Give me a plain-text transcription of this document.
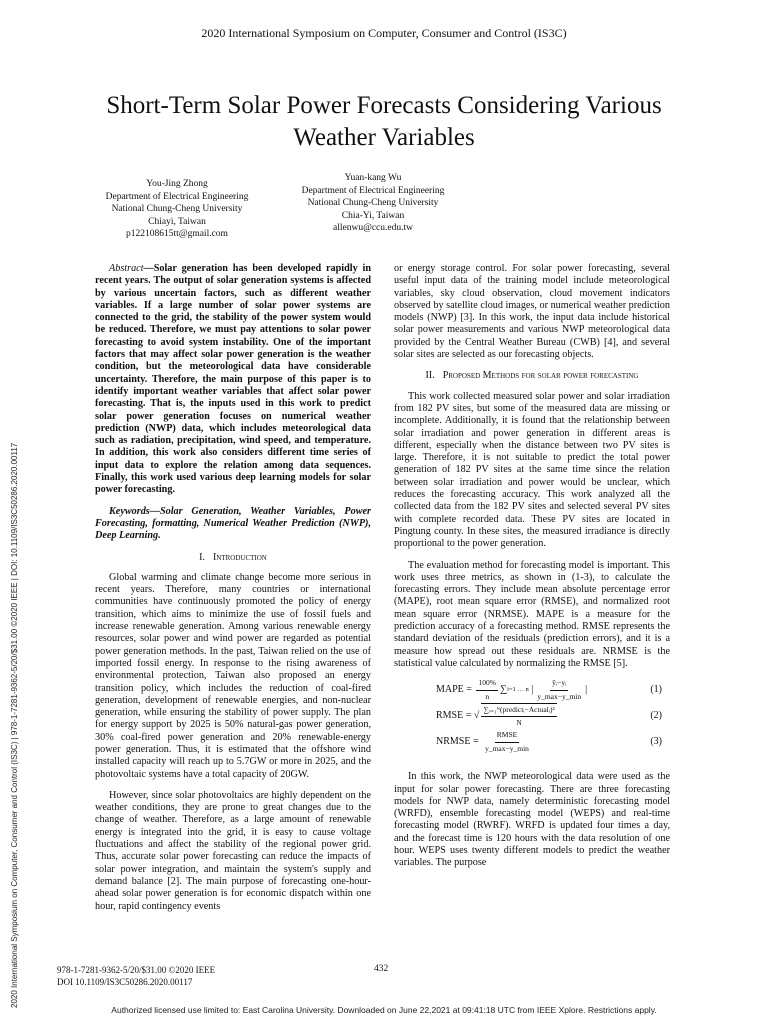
2020 International Symposium on Computer, Consumer and Control (IS3C)
Short-Term Solar Power Forecasts Considering Various Weather Variables
You-Jing Zhong
Department of Electrical Engineering
National Chung-Cheng University
Chiayi, Taiwan
p122108615tt@gmail.com
Yuan-kang Wu
Department of Electrical Engineering
National Chung-Cheng University
Chia-Yi, Taiwan
allenwu@ccu.edu.tw
2020 International Symposium on Computer, Consumer and Control (IS3C) | 978-1-7281-9362-5/20/$31.00 ©2020 IEEE | DOI: 10.1109/IS3C50286.2020.00117

Abstract—Solar generation has been developed rapidly in recent years. The output of solar generation systems is affected by various uncertain factors, such as different weather variables. If a large number of solar power systems are connected to the grid, the stability of the power system would be reduced. Therefore, we must pay attentions to solar power forecasting to avoid system instability. One of the important factors that may affect solar power generation is the weather condition, but the meteorological data have considerable uncertainty. Therefore, the main purpose of this paper is to identify important weather variables that affect solar power forecasting. That is, the inputs used in this work to predict solar power generation focuses on numerical weather prediction (NWP) data, which includes meteorological data such as radiation, precipitation, wind speed, and temperature. In addition, this work also considers different time series of input data to explore the relation among data sequences. Finally, this work used various deep learning models for solar power forecasting.

Keywords—Solar Generation, Weather Variables, Power Forecasting, formatting, Numerical Weather Prediction (NWP), Deep Learning.

I. Introduction

Global warming and climate change become more serious in recent years. Therefore, many countries or international communities have continuously promoted the policy of energy transition, which aims to minimize the use of fossil fuels and increase renewable generation. Among various renewable energy resources, solar power and wind power are regarded as potential power generation methods. In the past, Taiwan relied on the use of imported fossil energy. In response to the rising awareness of environmental protection, Taiwan also proposed an energy transition policy, which includes the reduction of coal-fired generation, development of renewable energies, and non-nuclear generation, while ensuring the stability of power supply. The plan for energy support by 2025 is 50% natural-gas power generation, 30% coal-fired power generation and 20% renewable-energy power generation. Thus, it is estimated that the offshore wind installed capacity will reach up to 5.7GW or more in 2025, and the photovoltaic systems have a total capacity of 20GW.

However, since solar photovoltaics are highly dependent on the weather conditions, they are prone to great changes due to the change of weather. Therefore, as a large amount of renewable energy is integrated into the grid, it is easy to cause voltage fluctuations and affect the stability of the regional power grid. Thus, accurate solar power forecasting can reduce the impacts of solar power integration, and maintain the system's supply and demand balance [2]. The main purpose of forecasting one-hour-ahead solar power generation is for economic dispatch within one hour, rapid contingency events

or energy storage control. For solar power forecasting, several useful input data of the training model include meteorological variables, sky cloud observation, cloud movement indicators observed by satellite cloud images, or numerical weather prediction models (NWP) [3]. In this work, the input data include historical solar power measurements and various NWP meteorological data provided by the Central Weather Bureau (CWB) [4], and several solar sites are selected as our forecasting objects.

II. Proposed Methods for solar power forecasting

This work collected measured solar power and solar irradiation from 182 PV sites, but some of the measured data are missing or incomplete. Additionally, it is found that the relationship between solar irradiation and power generation in different areas is different, especially when the distance between two PV sites is large. Therefore, it is not suitable to predict the total power generation of 182 PV sites at the same time since the relation between solar irradiation and power would be unclear, which reduces the forecasting accuracy. This work analyzed all the collected data from the 182 PV sites and selected several PV sites with complete recorded data. These PV sites are located in Pingtung county. In these sites, the measured irradiance is directly proportional to the power generation.

The evaluation method for forecasting model is important. This work uses three metrics, as shown in (1-3), to calculate the forecasting errors. They include mean absolute percentage error (MAPE), root mean square error (RMSE), and normalized root mean square error (NRMSE). MAPE is a measure for the prediction accuracy of a forecasting method. RMSE represents the standard deviation of the residuals (prediction errors), and it is a measure how spread out these residuals are. NRMSE is the statistical value calculated by normalizing the RMSE [5].

MAPE =
$\frac{100\%}{n}$ ∑ i=1 … n | $\frac{\text{ŷᵢ−yᵢ}}{y\_\max-y\_\min}$ |	(1)
RMSE = √ $\frac{\text{∑ᵢ₌₁ᴺ(predictᵢ−Actualᵢ)²}}{N}$	(2)
NRMSE =
$\frac{\text{RMSE}}{y\_\max-y\_\min}$	(3)

In this work, the NWP meteorological data were used as the input for solar power forecasting. There are three forecasting models for NWP data, namely deterministic forecasting model (WRFD), ensemble forecasting model (WEPS) and real-time forecasting model (RWRF). WRFD is updated four times a day, and the forecast time is 120 hours with the data resolution of one hour. WEPS uses twenty different models to predict the weather variables. The purpose

978-1-7281-9362-5/20/$31.00 ©2020 IEEE
DOI 10.1109/IS3C50286.2020.00117
432
Authorized licensed use limited to: East Carolina University. Downloaded on June 22,2021 at 09:41:18 UTC from IEEE Xplore. Restrictions apply.
